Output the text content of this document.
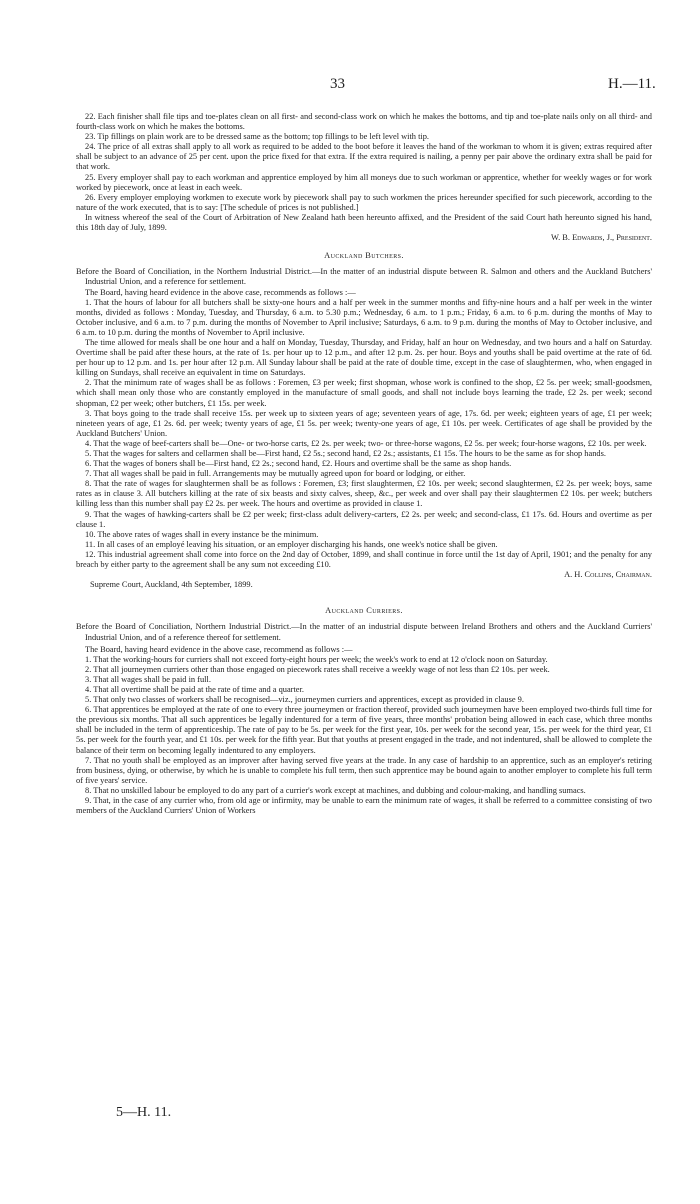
33	H.—11.

22. Each finisher shall file tips and toe-plates clean on all first- and second-class work on which he makes the bottoms, and tip and toe-plate nails only on all third- and fourth-class work on which he makes the bottoms.

23. Tip fillings on plain work are to be dressed same as the bottom; top fillings to be left level with tip.

24. The price of all extras shall apply to all work as required to be added to the boot before it leaves the hand of the workman to whom it is given; extras required after shall be subject to an advance of 25 per cent. upon the price fixed for that extra. If the extra required is nailing, a penny per pair above the ordinary extra shall be paid for that work.

25. Every employer shall pay to each workman and apprentice employed by him all moneys due to such workman or apprentice, whether for weekly wages or for work worked by piecework, once at least in each week.

26. Every employer employing workmen to execute work by piecework shall pay to such workmen the prices hereunder specified for such piecework, according to the nature of the work executed, that is to say: [The schedule of prices is not published.]

In witness whereof the seal of the Court of Arbitration of New Zealand hath been hereunto affixed, and the President of the said Court hath hereunto signed his hand, this 18th day of July, 1899.

W. B. Edwards, J., President.

Auckland Butchers.

Before the Board of Conciliation, in the Northern Industrial District.—In the matter of an industrial dispute between R. Salmon and others and the Auckland Butchers' Industrial Union, and a reference for settlement.

The Board, having heard evidence in the above case, recommends as follows :—

1. That the hours of labour for all butchers shall be sixty-one hours and a half per week in the summer months and fifty-nine hours and a half per week in the winter months, divided as follows : Monday, Tuesday, and Thursday, 6 a.m. to 5.30 p.m.; Wednesday, 6 a.m. to 1 p.m.; Friday, 6 a.m. to 6 p.m. during the months of May to October inclusive, and 6 a.m. to 7 p.m. during the months of November to April inclusive; Saturdays, 6 a.m. to 9 p.m. during the months of May to October inclusive, and 6 a.m. to 10 p.m. during the months of November to April inclusive.

The time allowed for meals shall be one hour and a half on Monday, Tuesday, Thursday, and Friday, half an hour on Wednesday, and two hours and a half on Saturday. Overtime shall be paid after these hours, at the rate of 1s. per hour up to 12 p.m., and after 12 p.m. 2s. per hour. Boys and youths shall be paid overtime at the rate of 6d. per hour up to 12 p.m. and 1s. per hour after 12 p.m. All Sunday labour shall be paid at the rate of double time, except in the case of slaughtermen, who, when engaged in killing on Sundays, shall receive an equivalent in time on Saturdays.

2. That the minimum rate of wages shall be as follows : Foremen, £3 per week; first shopman, whose work is confined to the shop, £2 5s. per week; small-goodsmen, which shall mean only those who are constantly employed in the manufacture of small goods, and shall not include boys learning the trade, £2 2s. per week; second shopman, £2 per week; other butchers, £1 15s. per week.

3. That boys going to the trade shall receive 15s. per week up to sixteen years of age; seventeen years of age, 17s. 6d. per week; eighteen years of age, £1 per week; nineteen years of age, £1 2s. 6d. per week; twenty years of age, £1 5s. per week; twenty-one years of age, £1 10s. per week. Certificates of age shall be provided by the Auckland Butchers' Union.

4. That the wage of beef-carters shall be—One- or two-horse carts, £2 2s. per week; two- or three-horse wagons, £2 5s. per week; four-horse wagons, £2 10s. per week.

5. That the wages for salters and cellarmen shall be—First hand, £2 5s.; second hand, £2 2s.; assistants, £1 15s. The hours to be the same as for shop hands.

6. That the wages of boners shall be—First hand, £2 2s.; second hand, £2. Hours and overtime shall be the same as shop hands.

7. That all wages shall be paid in full. Arrangements may be mutually agreed upon for board or lodging, or either.

8. That the rate of wages for slaughtermen shall be as follows : Foremen, £3; first slaughtermen, £2 10s. per week; second slaughtermen, £2 2s. per week; boys, same rates as in clause 3. All butchers killing at the rate of six beasts and sixty calves, sheep, &c., per week and over shall pay their slaughtermen £2 10s. per week; butchers killing less than this number shall pay £2 2s. per week. The hours and overtime as provided in clause 1.

9. That the wages of hawking-carters shall be £2 per week; first-class adult delivery-carters, £2 2s. per week; and second-class, £1 17s. 6d. Hours and overtime as per clause 1.

10. The above rates of wages shall in every instance be the minimum.

11. In all cases of an employé leaving his situation, or an employer discharging his hands, one week's notice shall be given.

12. This industrial agreement shall come into force on the 2nd day of October, 1899, and shall continue in force until the 1st day of April, 1901; and the penalty for any breach by either party to the agreement shall be any sum not exceeding £10.

A. H. Collins, Chairman.

Supreme Court, Auckland, 4th September, 1899.

Auckland Curriers.

Before the Board of Conciliation, Northern Industrial District.—In the matter of an industrial dispute between Ireland Brothers and others and the Auckland Curriers' Industrial Union, and of a reference thereof for settlement.

The Board, having heard evidence in the above case, recommend as follows :—

1. That the working-hours for curriers shall not exceed forty-eight hours per week; the week's work to end at 12 o'clock noon on Saturday.

2. That all journeymen curriers other than those engaged on piecework rates shall receive a weekly wage of not less than £2 10s. per week.

3. That all wages shall be paid in full.

4. That all overtime shall be paid at the rate of time and a quarter.

5. That only two classes of workers shall be recognised—viz., journeymen curriers and apprentices, except as provided in clause 9.

6. That apprentices be employed at the rate of one to every three journeymen or fraction thereof, provided such journeymen have been employed two-thirds full time for the previous six months. That all such apprentices be legally indentured for a term of five years, three months' probation being allowed in each case, which three months shall be included in the term of apprenticeship. The rate of pay to be 5s. per week for the first year, 10s. per week for the second year, 15s. per week for the third year, £1 5s. per week for the fourth year, and £1 10s. per week for the fifth year. But that youths at present engaged in the trade, and not indentured, shall be allowed to complete the balance of their term on becoming legally indentured to any employers.

7. That no youth shall be employed as an improver after having served five years at the trade. In any case of hardship to an apprentice, such as an employer's retiring from business, dying, or otherwise, by which he is unable to complete his full term, then such apprentice may be bound again to another employer to complete his full term of five years' service.

8. That no unskilled labour be employed to do any part of a currier's work except at machines, and dubbing and colour-making, and handling sumacs.

9. That, in the case of any currier who, from old age or infirmity, may be unable to earn the minimum rate of wages, it shall be referred to a committee consisting of two members of the Auckland Curriers' Union of Workers

5—H. 11.
